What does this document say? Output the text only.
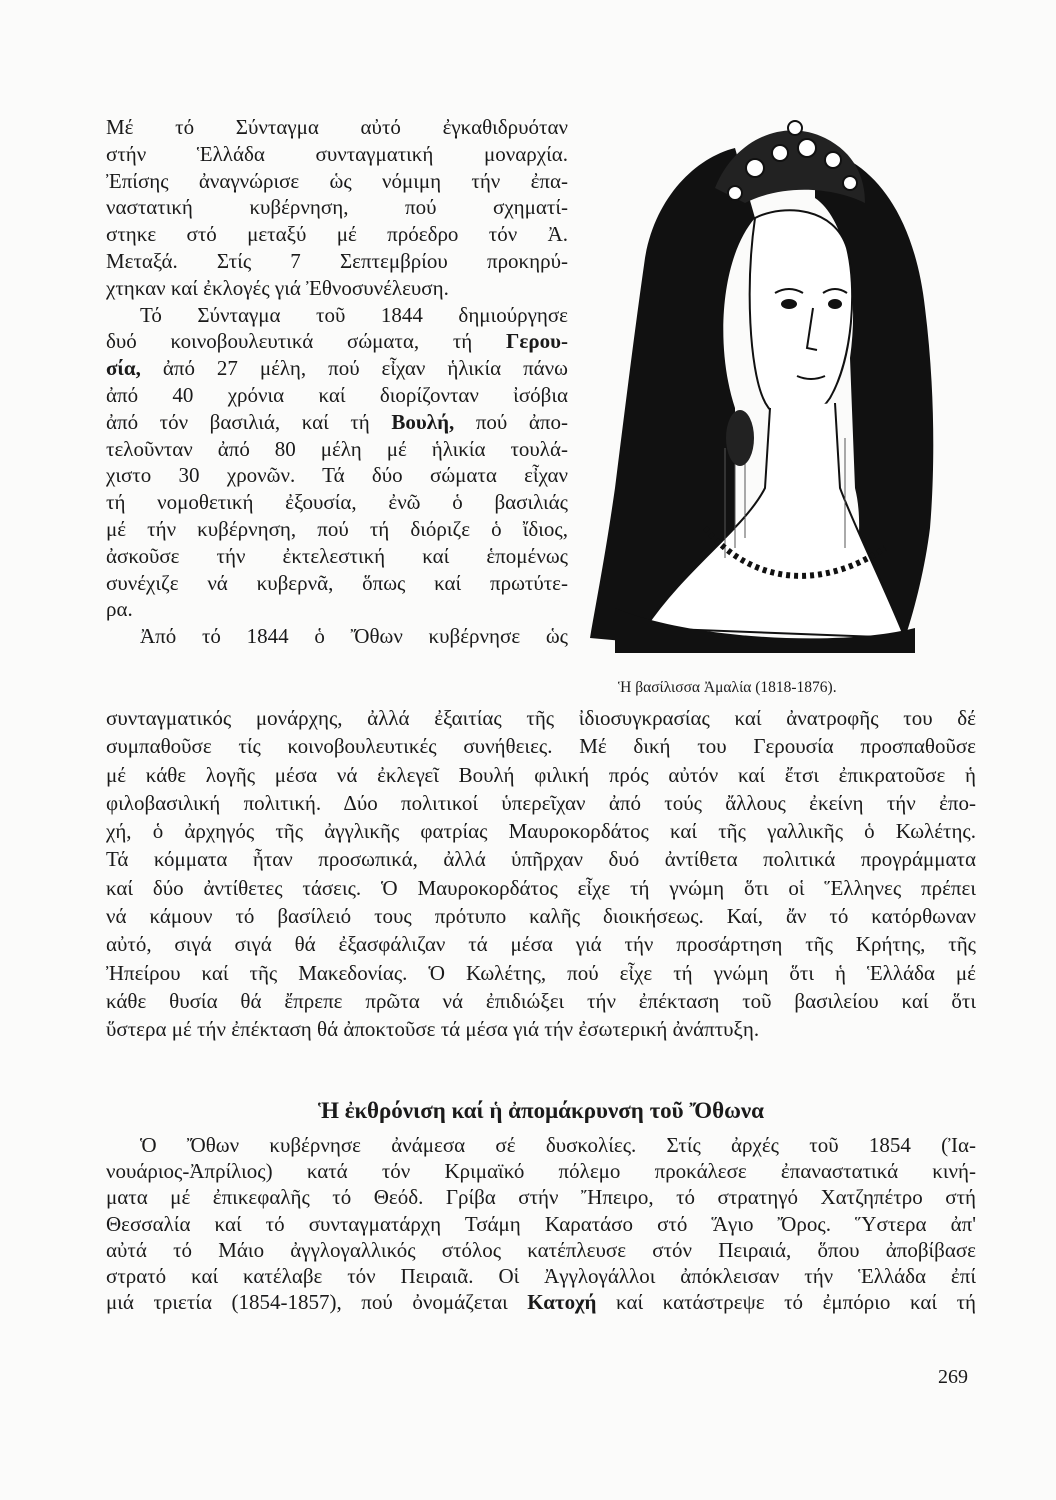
Μέ τό Σύνταγμα αὐτό ἐγκαθιδρυόταν
στήν Ἑλλάδα συνταγματική μοναρχία.
Ἐπίσης ἀναγνώρισε ὡς νόμιμη τήν ἐπα-
ναστατική κυβέρνηση, πού σχηματί-
στηκε στό μεταξύ μέ πρόεδρο τόν Ἀ.
Μεταξά. Στίς 7 Σεπτεμβρίου προκηρύ-
χτηκαν καί ἐκλογές γιά Ἐθνοσυνέλευση.
Τό Σύνταγμα τοῦ 1844 δημιούργησε
δυό κοινοβουλευτικά σώματα, τή Γερου-
σία, ἀπό 27 μέλη, πού εἶχαν ἡλικία πάνω
ἀπό 40 χρόνια καί διορίζονταν ἰσόβια
ἀπό τόν βασιλιά, καί τή Βουλή, πού ἀπο-
τελοῦνταν ἀπό 80 μέλη μέ ἡλικία τουλά-
χιστο 30 χρονῶν. Τά δύο σώματα εἶχαν
τή νομοθετική ἐξουσία, ἐνῶ ὁ βασιλιάς
μέ τήν κυβέρνηση, πού τή διόριζε ὁ ἴδιος,
ἀσκοῦσε τήν ἐκτελεστική καί ἑπομένως
συνέχιζε νά κυβερνᾶ, ὅπως καί πρωτύτε-
ρα.
Ἀπό τό 1844 ὁ Ὄθων κυβέρνησε ὡς
Ἡ βασίλισσα Ἀμαλία (1818-1876).
συνταγματικός μονάρχης, ἀλλά ἐξαιτίας τῆς ἰδιοσυγκρασίας καί ἀνατροφῆς του δέ
συμπαθοῦσε τίς κοινοβουλευτικές συνήθειες. Μέ δική του Γερουσία προσπαθοῦσε
μέ κάθε λογῆς μέσα νά ἐκλεγεῖ Βουλή φιλική πρός αὐτόν καί ἔτσι ἐπικρατοῦσε ἡ
φιλοβασιλική πολιτική. Δύο πολιτικοί ὑπερεῖχαν ἀπό τούς ἄλλους ἐκείνη τήν ἐπο-
χή, ὁ ἀρχηγός τῆς ἀγγλικῆς φατρίας Μαυροκορδάτος καί τῆς γαλλικῆς ὁ Κωλέτης.
Τά κόμματα ἦταν προσωπικά, ἀλλά ὑπῆρχαν δυό ἀντίθετα πολιτικά προγράμματα
καί δύο ἀντίθετες τάσεις. Ὁ Μαυροκορδάτος εἶχε τή γνώμη ὅτι οἱ Ἕλληνες πρέπει
νά κάμουν τό βασίλειό τους πρότυπο καλῆς διοικήσεως. Καί, ἄν τό κατόρθωναν
αὐτό, σιγά σιγά θά ἐξασφάλιζαν τά μέσα γιά τήν προσάρτηση τῆς Κρήτης, τῆς
Ἠπείρου καί τῆς Μακεδονίας. Ὁ Κωλέτης, πού εἶχε τή γνώμη ὅτι ἡ Ἑλλάδα μέ
κάθε θυσία θά ἔπρεπε πρῶτα νά ἐπιδιώξει τήν ἐπέκταση τοῦ βασιλείου καί ὅτι
ὕστερα μέ τήν ἐπέκταση θά ἀποκτοῦσε τά μέσα γιά τήν ἐσωτερική ἀνάπτυξη.
Ἡ ἐκθρόνιση καί ἡ ἀπομάκρυνση τοῦ Ὄθωνα
Ὁ Ὄθων κυβέρνησε ἀνάμεσα σέ δυσκολίες. Στίς ἀρχές τοῦ 1854 (Ἰα-
νουάριος-Ἀπρίλιος) κατά τόν Κριμαϊκό πόλεμο προκάλεσε ἐπαναστατικά κινή-
ματα μέ ἐπικεφαλῆς τό Θεόδ. Γρίβα στήν Ἤπειρο, τό στρατηγό Χατζηπέτρο στή
Θεσσαλία καί τό συνταγματάρχη Τσάμη Καρατάσο στό Ἅγιο Ὄρος. Ὕστερα ἀπ'
αὐτά τό Μάιο ἀγγλογαλλικός στόλος κατέπλευσε στόν Πειραιά, ὅπου ἀποβίβασε
στρατό καί κατέλαβε τόν Πειραιᾶ. Οἱ Ἀγγλογάλλοι ἀπόκλεισαν τήν Ἑλλάδα ἐπί
μιά τριετία (1854-1857), πού ὀνομάζεται Κατοχή καί κατάστρεψε τό ἐμπόριο καί τή
269
